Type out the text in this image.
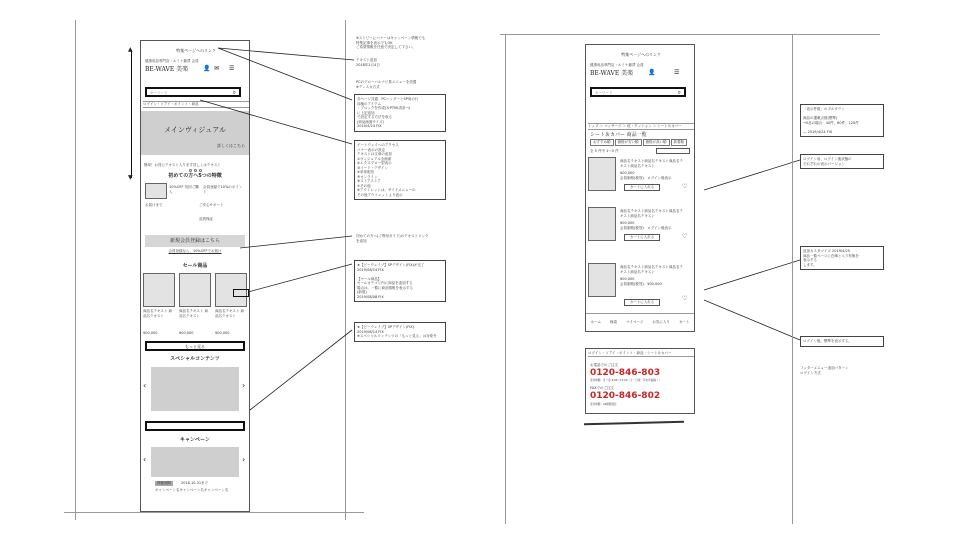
▲
▼
特集ページへのリンク
健康用品専門店・ルミナ雑貨 会員
BE-WAVE 美楽 👤 ✉ ☰
キーワード	⌕
ログイン・ソアイ・ポイント・商品
メインヴィジュアル
詳しくはこちら
簡単！お得にテキスト入ります詳しくはテキスト
初めての方へ5つの特徴
10%OFF 初回ご購入
会員登録で10%のポイント
お届けまで	ご安心サポート
品質保証
新規会員登録はこちら
会員登録なら、10%OFFでお届け
セール商品
商品名テキスト 商品名テキスト
商品名テキスト 商品名テキスト
商品名テキスト 商品名テキスト
¥00,000	¥00,000	¥00,000
もっと見る
スペシャルコンテンツ
‹	›
キャンペーン
‹	›
開催期間	2018.10.31まで
キャンペーン名キャンペーン名キャンペーン名
※ストピーにバナーはキャンペーン情報でも
特集記事を表示でもOK
ご希望情報を任意で決定して下さい。
テキスト追加
2018年1月4日
PCのグローバルナビ系メニューを設置
※ディスカ方式
各ページ共通：PCヘッダーとSP用の行
同様のアイテム
・ブロックを作成(＆PTML設計→)
に上記追加
で設定する方法を取る
(商品画面サイズ)
2019/4/24 FIX
ゲートウェイへのアクセス
バナー表示の設定
テキストは文章の追加
①ヴィジュアル全画面
②エクスプロー型表示
③コード・デザイン
④単体配信
⑤オンライン
⑥ストアストア
⑦その他
※アウトレットは、サイドメニューの
その他アウトレットより表示
初めての方へ(ご利用ガイド)のテキストリンク
を追加
★【ビーウェイブ】SPデザイン(FIX)が完了
2019/08/14 FIX

【セール商品】
セールカテゴリ内に商品を追加する
場合は、一覧に商品情報を表示する
(新規)
2019/08/08 FIX
★【ビーウェイブ】SPデザイン(FIX)
2019/08/14 FIX
※スペシャルコンテンツの「もっと見る」は対象外
特集ページへのリンク
健康用品専門店・ルミナ雑貨 会員
BE-WAVE 美楽 👤	☰
キーワード	⌕
トップ ＞ マッサージ ＞ 枕・クッション ＞ シート＆カバー
シート＆カバー 商品一覧
おすすめ順	価格が安い順	価格が高い順	新着順
全 5 件中 1～5 件
商品名テキスト商品名テキスト商品名テキスト商品名テキスト
¥00,000
会員価格(税別)：ログイン後表示
カートに入れる	♡
商品名テキスト商品名テキスト商品名テキスト商品名テキスト
¥00,000
会員価格(税別)：ログイン後表示
カートに入れる	♡
商品名テキスト商品名テキスト商品名テキスト商品名テキスト
¥00,000
会員価格(税別)：¥00,000
カートに入れる	♡
ホーム	検索	マイページ	お気に入り	カート
ログイン・ソアイ・ポイント・商品・シート＆カバー
お電話でのご注文
0120-846-803
受付時間：月～金 9:00～17:00（土・日祝・年末年始除く）
FAXでのご注文
0120-846-802
受付時間：24時間受付
「表示件数」のプルダウン

商品の掲載点数(標準)
→5品の場合：40件、60件、120件

— 2019/4/24 FIX
ログイン前、ログイン後状態の
それぞれの表示バージョン
追加カスタマイズ 2019/4/25
商品一覧ページに在庫と入り有無を
表示する
します。
ログイン後、標準を表示する。
フッターメニュー追加パターン
ログイン方式
